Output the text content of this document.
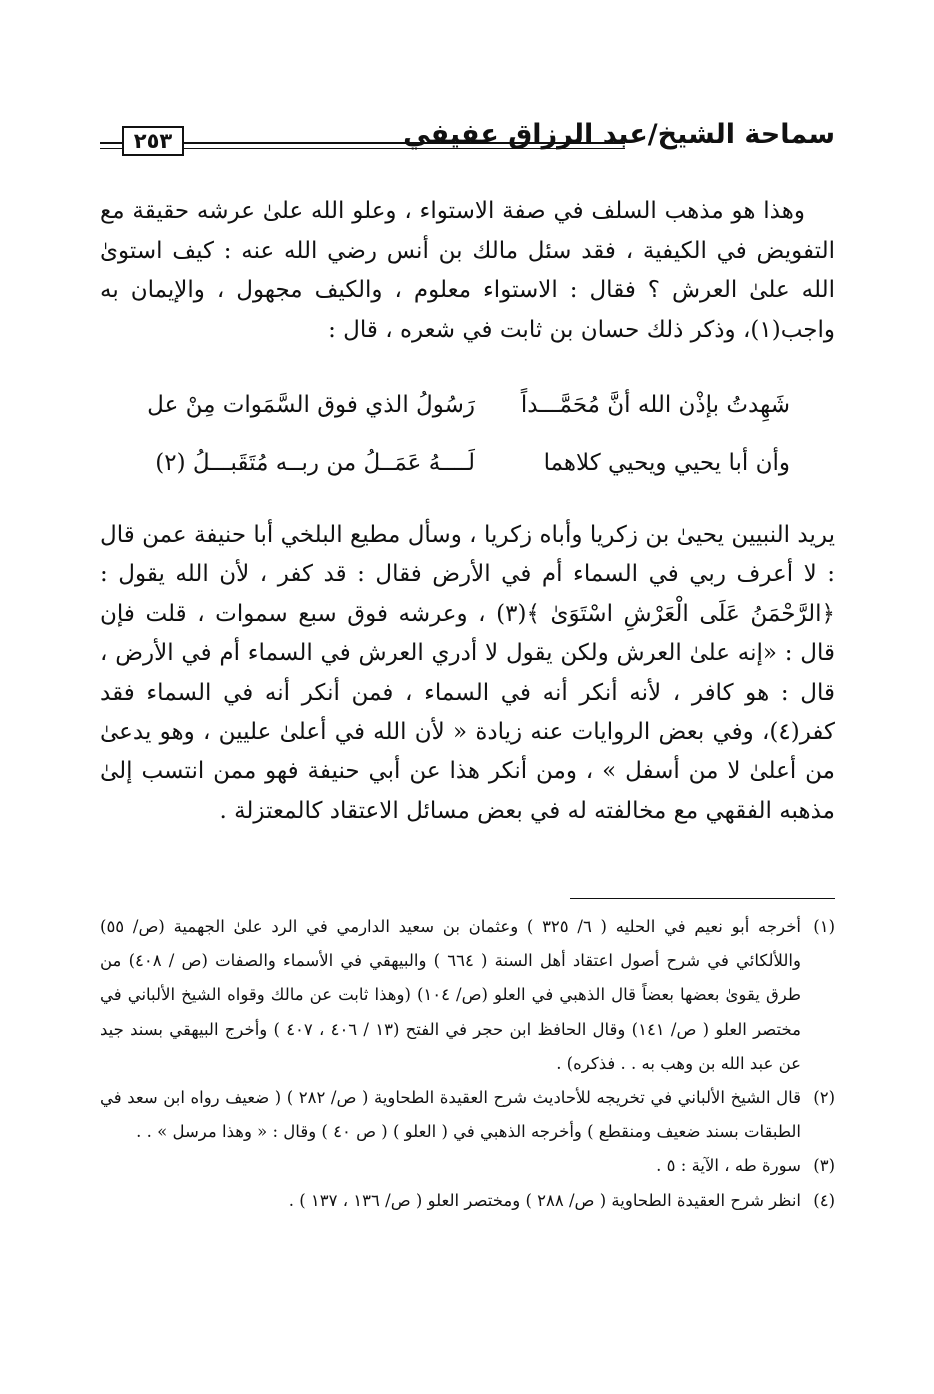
٢٥٣	سماحة الشيخ/عبد الرزاق عفيفي

وهذا هو مذهب السلف في صفة الاستواء ، وعلو الله علىٰ عرشه حقيقة مع التفويض في الكيفية ، فقد سئل مالك بن أنس رضي الله عنه : كيف استوىٰ الله علىٰ العرش ؟ فقال : الاستواء معلوم ، والكيف مجهول ، والإيمان به واجب(١)، وذكر ذلك حسان بن ثابت في شعره ، قال :

شَهِدتُ بإذْن الله أنَّ مُحَمَّـــداً
رَسُولُ الذي فوق السَّمَوات مِنْ عل
وأن أبا يحيي ويحيي كلاهما
لَــــهُ عَمَــلُ من ربــه مُتَقَبـــلُ (٢)

يريد النبيين يحيىٰ بن زكريا وأباه زكريا ، وسأل مطيع البلخي أبا حنيفة عمن قال : لا أعرف ربي في السماء أم في الأرض فقال : قد كفر ، لأن الله يقول : ﴿الرَّحْمَنُ عَلَى الْعَرْشِ اسْتَوَىٰ ﴾(٣) ، وعرشه فوق سبع سموات ، قلت فإن قال : «إنه علىٰ العرش ولكن يقول لا أدري العرش في السماء أم في الأرض ، قال : هو كافر ، لأنه أنكر أنه في السماء ، فمن أنكر أنه في السماء فقد كفر(٤)، وفي بعض الروايات عنه زيادة « لأن الله في أعلىٰ عليين ، وهو يدعىٰ من أعلىٰ لا من أسفل » ، ومن أنكر هذا عن أبي حنيفة فهو ممن انتسب إلىٰ مذهبه الفقهي مع مخالفته له في بعض مسائل الاعتقاد كالمعتزلة .

(١)
أخرجه أبو نعيم في الحليه ( ٦/ ٣٢٥ ) وعثمان بن سعيد الدارمي في الرد علىٰ الجهمية (ص/ ٥٥) واللألكائي في شرح أصول اعتقاد أهل السنة ( ٦٦٤ ) والبيهقي في الأسماء والصفات (ص / ٤٠٨) من طرق يقوىٰ بعضها بعضاً قال الذهبي في العلو (ص/ ١٠٤) (وهذا ثابت عن مالك وقواه الشيخ الألباني في مختصر العلو ( ص/ ١٤١) وقال الحافظ ابن حجر في الفتح (١٣ / ٤٠٦ ، ٤٠٧ ) وأخرج البيهقي بسند جيد عن عبد الله بن وهب به . . فذكره) .

(٢)
قال الشيخ الألباني في تخريجه للأحاديث شرح العقيدة الطحاوية ( ص/ ٢٨٢ ) ( ضعيف رواه ابن سعد في الطبقات بسند ضعيف ومنقطع ) وأخرجه الذهبي في ( العلو ) ( ص ٤٠ ) وقال : « وهذا مرسل » . .

(٣)
سورة طه ، الآية : ٥ .

(٤)
انظر شرح العقيدة الطحاوية ( ص/ ٢٨٨ ) ومختصر العلو ( ص/ ١٣٦ ، ١٣٧ ) .
